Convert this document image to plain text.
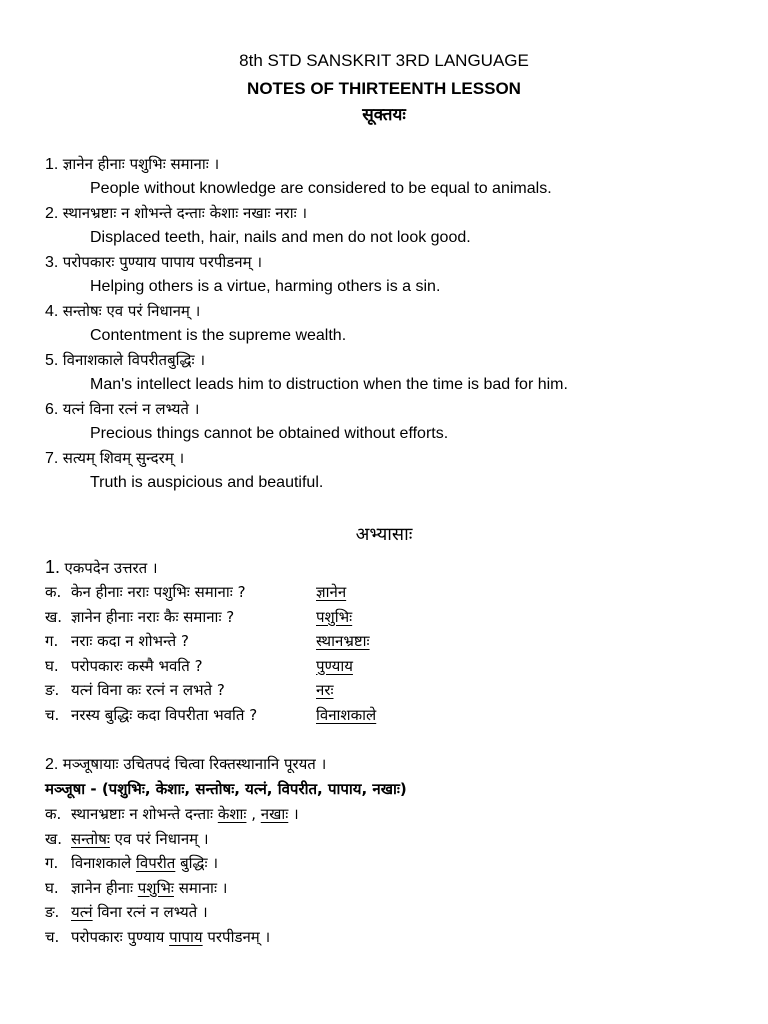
8th STD SANSKRIT 3RD LANGUAGE
NOTES OF THIRTEENTH LESSON
सूक्तयः
1. ज्ञानेन हीनाः पशुभिः समानाः ।
People without knowledge are considered to be equal to animals.
2. स्थानभ्रष्टाः न शोभन्ते दन्ताः केशाः नखाः नराः ।
Displaced teeth, hair, nails and men do not look good.
3. परोपकारः पुण्याय पापाय परपीडनम् ।
Helping others is a virtue, harming others is a sin.
4. सन्तोषः एव परं निधानम् ।
Contentment is the supreme wealth.
5. विनाशकाले विपरीतबुद्धिः ।
Man's intellect leads him to distruction when the time is bad for him.
6. यत्नं विना रत्नं न लभ्यते ।
Precious things cannot be obtained without efforts.
7. सत्यम् शिवम् सुन्दरम् ।
Truth is auspicious and beautiful.
अभ्यासाः
1. एकपदेन उत्तरत ।
क. केन हीनाः नराः पशुभिः समानाः ?	ज्ञानेन
ख. ज्ञानेन हीनाः नराः कैः समानाः ?	पशुभिः
ग. नराः कदा न शोभन्ते ?	स्थानभ्रष्टाः
घ. परोपकारः कस्मै भवति ?	पुण्याय
ङ. यत्नं विना कः रत्नं न लभते ?	नरः
च. नरस्य बुद्धिः कदा विपरीता भवति ?	विनाशकाले
2. मञ्जूषायाः उचितपदं चित्वा रिक्तस्थानानि पूरयत ।
मञ्जूषा - (पशुभिः, केशाः, सन्तोषः, यत्नं, विपरीत, पापाय, नखाः)
क. स्थानभ्रष्टाः न शोभन्ते दन्ताः केशाः , नखाः ।
ख. सन्तोषः एव परं निधानम् ।
ग. विनाशकाले विपरीत बुद्धिः ।
घ. ज्ञानेन हीनाः पशुभिः समानाः ।
ङ. यत्नं विना रत्नं न लभ्यते ।
च. परोपकारः पुण्याय पापाय परपीडनम् ।
